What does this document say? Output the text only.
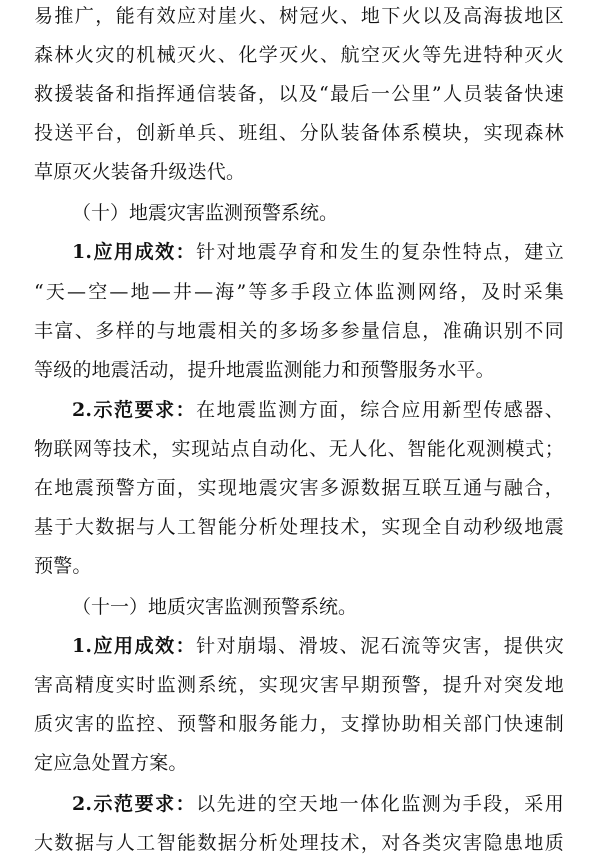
易推广，能有效应对崖火、树冠火、地下火以及高海拔地区
森林火灾的机械灭火、化学灭火、航空灭火等先进特种灭火
救援装备和指挥通信装备，以及“最后一公里”人员装备快速
投送平台，创新单兵、班组、分队装备体系模块，实现森林
草原灭火装备升级迭代。
（十）地震灾害监测预警系统。
1.应用成效：针对地震孕育和发生的复杂性特点，建立
“天—空—地—井—海”等多手段立体监测网络，及时采集
丰富、多样的与地震相关的多场多参量信息，准确识别不同
等级的地震活动，提升地震监测能力和预警服务水平。
2.示范要求：在地震监测方面，综合应用新型传感器、
物联网等技术，实现站点自动化、无人化、智能化观测模式；
在地震预警方面，实现地震灾害多源数据互联互通与融合，
基于大数据与人工智能分析处理技术，实现全自动秒级地震
预警。
（十一）地质灾害监测预警系统。
1.应用成效：针对崩塌、滑坡、泥石流等灾害，提供灾
害高精度实时监测系统，实现灾害早期预警，提升对突发地
质灾害的监控、预警和服务能力，支撑协助相关部门快速制
定应急处置方案。
2.示范要求：以先进的空天地一体化监测为手段，采用
大数据与人工智能数据分析处理技术，对各类灾害隐患地质
